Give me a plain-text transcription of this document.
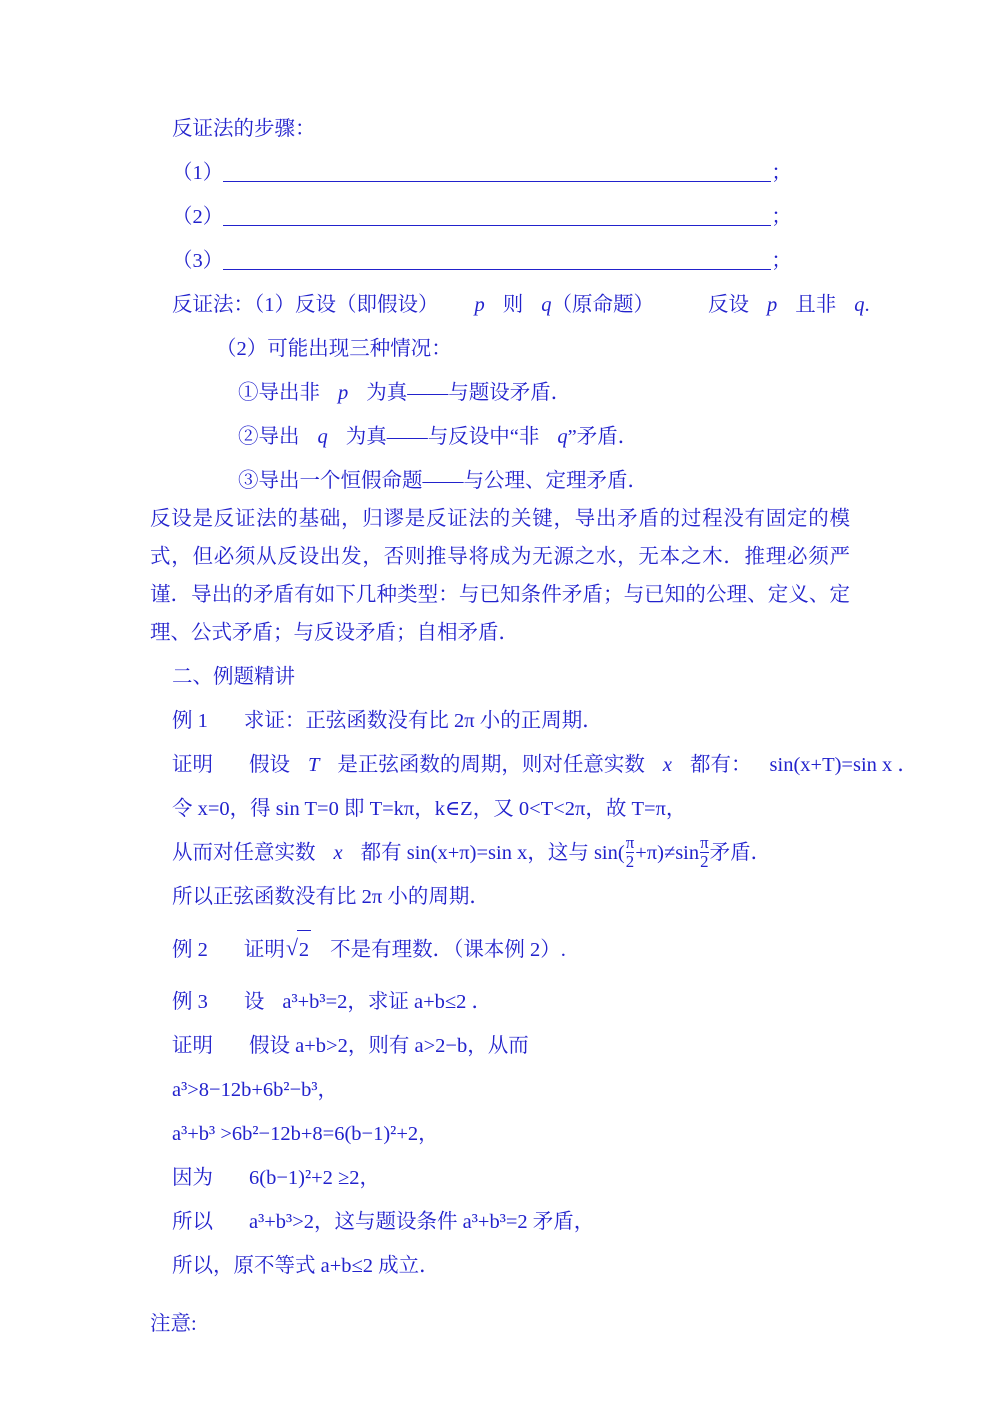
反证法的步骤：
（1）	；
（2）	；
（3）	；
反证法：（1）反设（即假设） p 则 q（原命题）	反设 p 且非 q.
（2）可能出现三种情况：
①导出非 p 为真——与题设矛盾．
②导出 q 为真——与反设中“非 q”矛盾．
③导出一个恒假命题——与公理、定理矛盾．

反设是反证法的基础，归谬是反证法的关键，导出矛盾的过程没有固定的模式，但必须从反设出发，否则推导将成为无源之水，无本之木．推理必须严谨．导出的矛盾有如下几种类型：与已知条件矛盾；与已知的公理、定义、定理、公式矛盾；与反设矛盾；自相矛盾．

二、例题精讲
例 1 求证：正弦函数没有比 2π 小的正周期．
证明 假设 T 是正弦函数的周期，则对任意实数 x 都有： sin(x+T)=sin x ．
令 x=0，得 sin T=0 即 T=kπ，k∈Z，又 0<T<2π，故 T=π，
从而对任意实数 x 都有 sin(x+π)=sin x，这与 $\sin( \frac{\pi}{2} +\pi)\ne\sin \frac{\pi}{2}$ 矛盾．
所以正弦函数没有比 2π 小的周期．
例 2 证明 √ 2 不是有理数．（课本例 2）.
例 3 设 a³+b³=2，求证 a+b≤2 ．
证明 假设 a+b>2，则有 a>2−b，从而
a³>8−12b+6b²−b³，
a³+b³ >6b²−12b+8=6(b−1)²+2，
因为 6(b−1)²+2 ≥2，
所以 a³+b³>2，这与题设条件 a³+b³=2 矛盾，
所以，原不等式 a+b≤2 成立．
注意:
